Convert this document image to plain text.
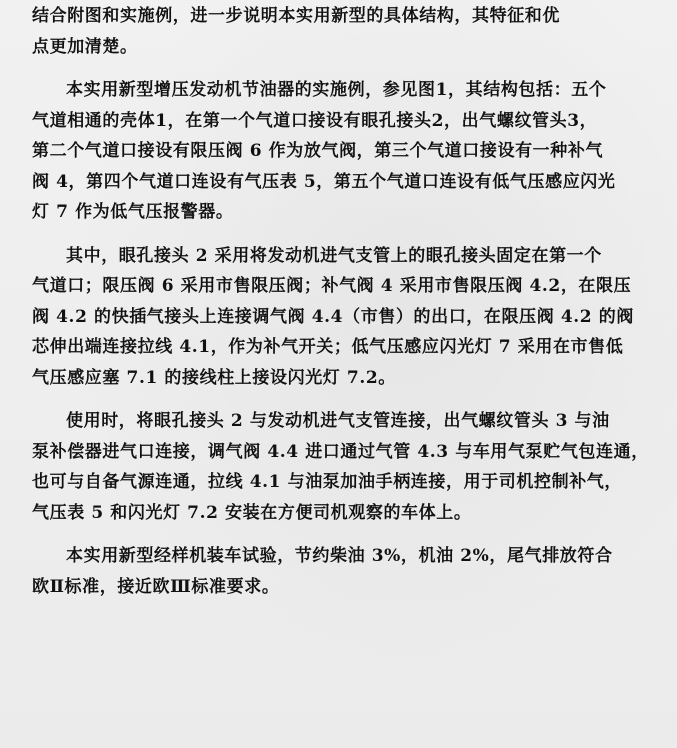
结合附图和实施例，进一步说明本实用新型的具体结构，其特征和优
点更加清楚。
本实用新型增压发动机节油器的实施例，参见图1，其结构包括：五个
气道相通的壳体1，在第一个气道口接设有眼孔接头2，出气螺纹管头3，
第二个气道口接设有限压阀 6 作为放气阀，第三个气道口接设有一种补气
阀 4，第四个气道口连设有气压表 5，第五个气道口连设有低气压感应闪光
灯 7 作为低气压报警器。
其中，眼孔接头 2 采用将发动机进气支管上的眼孔接头固定在第一个
气道口；限压阀 6 采用市售限压阀；补气阀 4 采用市售限压阀 4.2，在限压
阀 4.2 的快插气接头上连接调气阀 4.4（市售）的出口，在限压阀 4.2 的阀
芯伸出端连接拉线 4.1，作为补气开关；低气压感应闪光灯 7 采用在市售低
气压感应塞 7.1 的接线柱上接设闪光灯 7.2。
使用时，将眼孔接头 2 与发动机进气支管连接，出气螺纹管头 3 与油
泵补偿器进气口连接，调气阀 4.4 进口通过气管 4.3 与车用气泵贮气包连通，
也可与自备气源连通，拉线 4.1 与油泵加油手柄连接，用于司机控制补气，
气压表 5 和闪光灯 7.2 安装在方便司机观察的车体上。
本实用新型经样机装车试验，节约柴油 3%，机油 2%，尾气排放符合
欧Ⅱ标准，接近欧Ⅲ标准要求。
